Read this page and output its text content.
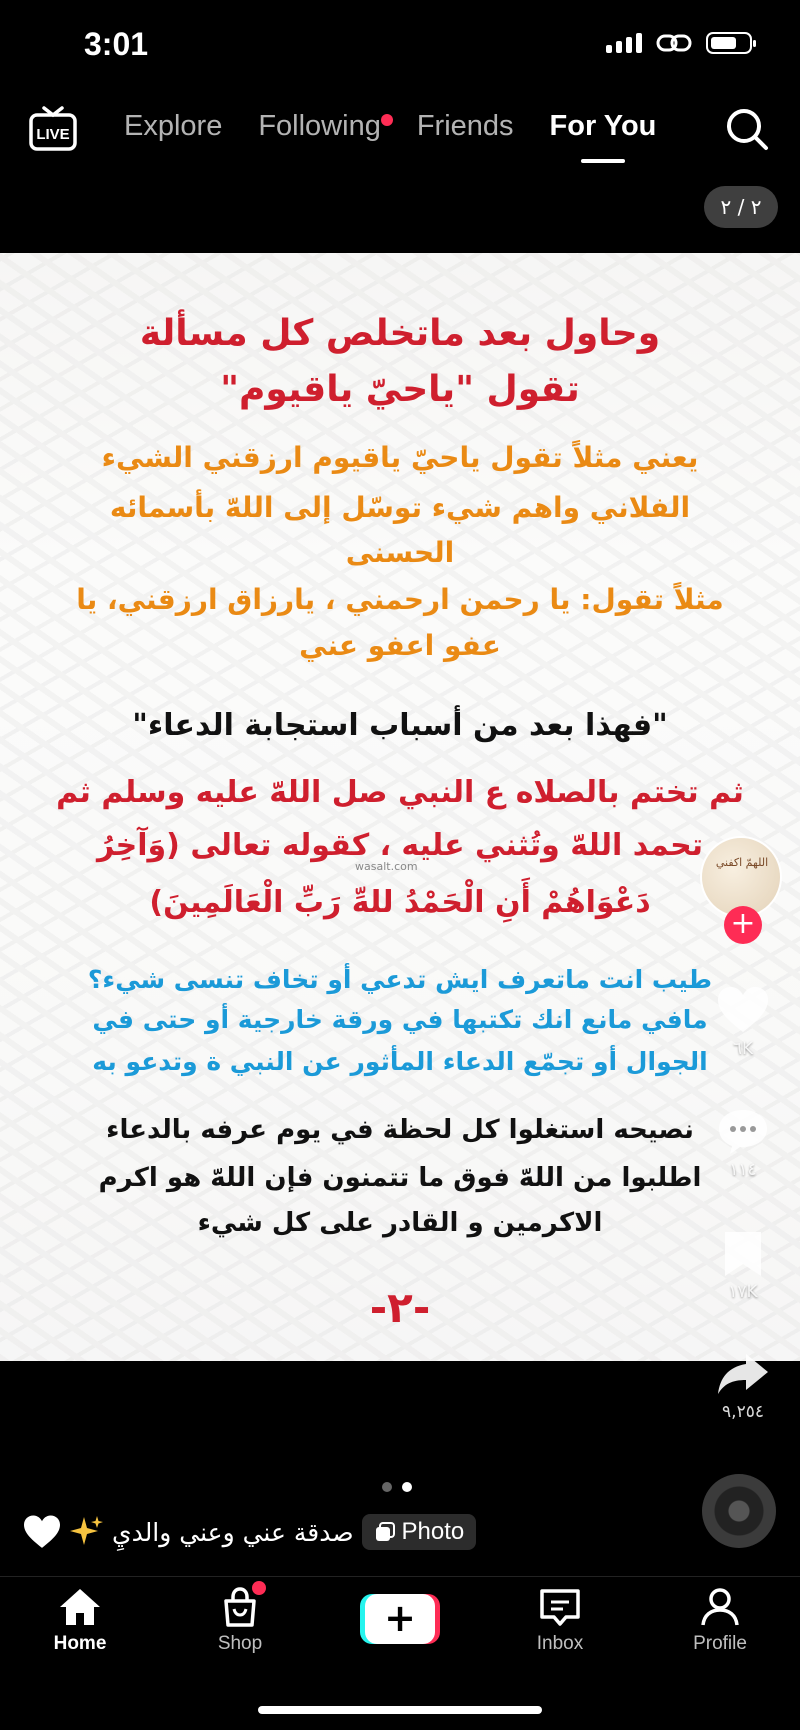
3:01
LIVE Explore Following Friends For You
٢ / ٢
وحاول بعد ماتخلص كل مسألة
تقول "ياحيّ ياقيوم"
يعني مثلاً تقول ياحيّ ياقيوم ارزقني الشيء
الفلاني واهم شيء توسّل إلى اللهّ بأسمائه
الحسنى
مثلاً تقول: يا رحمن ارحمني ، يارزاق ارزقني، يا
عفو اعفو عني
"فهذا بعد من أسباب استجابة الدعاء"
ثم تختم بالصلاه ع النبي صل اللهّ عليه وسلم ثم
تحمد اللهّ وتُثني عليه ، كقوله تعالى (وَآخِرُ
دَعْوَاهُمْ أَنِ الْحَمْدُ للهِّ رَبِّ الْعَالَمِينَ)
طيب انت ماتعرف ايش تدعي أو تخاف تنسى شيء؟
مافي مانع انك تكتبها في ورقة خارجية أو حتى في
الجوال أو تجمّع الدعاء المأثور عن النبي ة وتدعو به
نصيحه استغلوا كل لحظة في يوم عرفه بالدعاء
اطلبوا من اللهّ فوق ما تتمنون فإن اللهّ هو اكرم
الاكرمين و القادر على كل شيء
-٢-
wasalt.com	اللهمّ اكفني
+
٦K
١١٤
١٧K
٩,٢٥٤
صدقة عني وعني والديِ Photo
Home	Shop
+
Inbox	Profile
